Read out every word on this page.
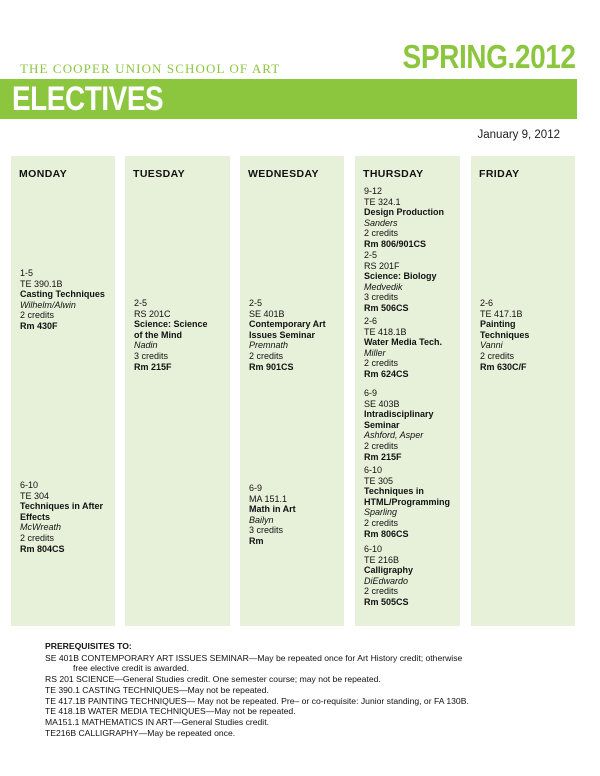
THE COOPER UNION SCHOOL OF ART	SPRING.2012
ELECTIVES
January 9, 2012
MONDAY
1-5
TE 390.1B
Casting Techniques
Wilhelm/Alwin
2 credits
Rm 430F
6-10
TE 304
Techniques in After Effects
McWreath
2 credits
Rm 804CS
TUESDAY
2-5
RS 201C
Science: Science of the Mind
Nadin
3 credits
Rm 215F
WEDNESDAY
2-5
SE 401B
Contemporary Art Issues Seminar
Premnath
2 credits
Rm 901CS
6-9
MA 151.1
Math in Art
Bailyn
3 credits
Rm
THURSDAY
9-12
TE 324.1
Design Production
Sanders
2 credits
Rm 806/901CS
2-5
RS 201F
Science: Biology
Medvedik
3 credits
Rm 506CS
2-6
TE 418.1B
Water Media Tech.
Miller
2 credits
Rm 624CS
6-9
SE 403B
Intradisciplinary Seminar
Ashford, Asper
2 credits
Rm 215F
6-10
TE 305
Techniques in HTML/Programming
Sparling
2 credits
Rm 806CS
6-10
TE 216B
Calligraphy
DiEdwardo
2 credits
Rm 505CS
FRIDAY
2-6
TE 417.1B
Painting Techniques
Vanni
2 credits
Rm 630C/F
PREREQUISITES TO:
SE 401B CONTEMPORARY ART ISSUES SEMINAR—May be repeated once for Art History credit; otherwise
free elective credit is awarded.
RS 201 SCIENCE—General Studies credit. One semester course; may not be repeated.
TE 390.1 CASTING TECHNIQUES—May not be repeated.
TE 417.1B PAINTING TECHNIQUES— May not be repeated. Pre– or co-requisite: Junior standing, or FA 130B.
TE 418.1B WATER MEDIA TECHNIQUES—May not be repeated.
MA151.1 MATHEMATICS IN ART—General Studies credit.
TE216B CALLIGRAPHY—May be repeated once.
